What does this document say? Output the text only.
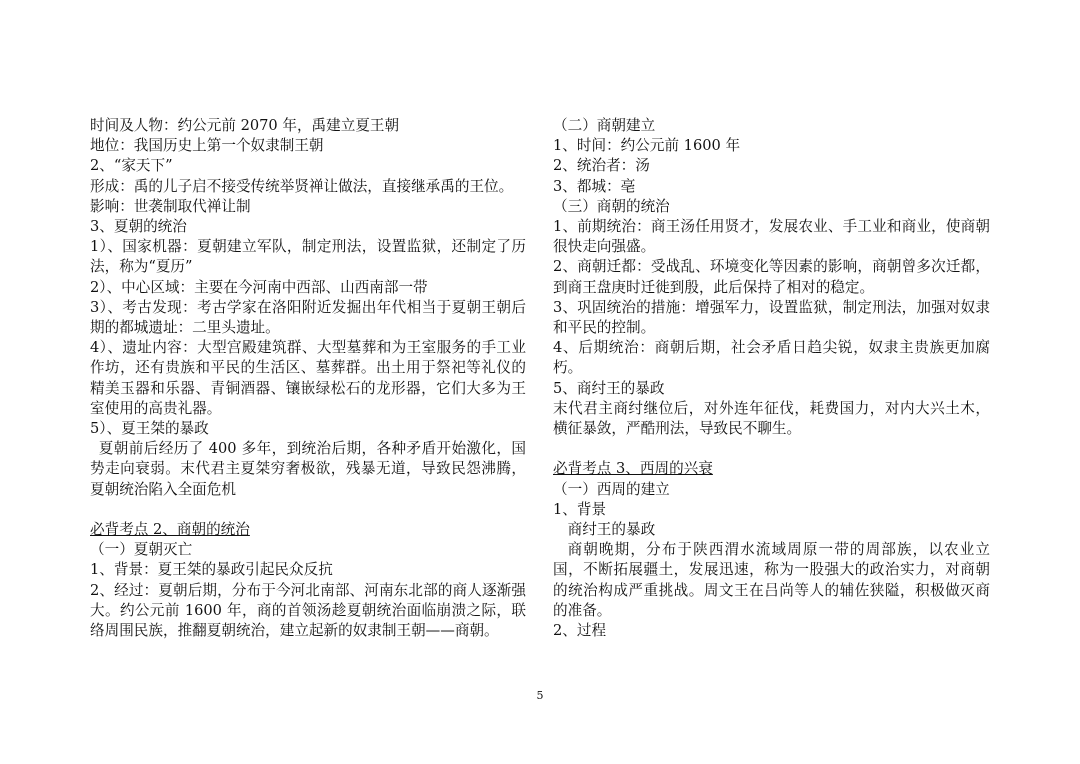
时间及人物：约公元前 2070 年，禹建立夏王朝
地位：我国历史上第一个奴隶制王朝
2、“家天下”
形成：禹的儿子启不接受传统举贤禅让做法，直接继承禹的王位。
影响：世袭制取代禅让制
3、夏朝的统治
1）、国家机器：夏朝建立军队，制定刑法，设置监狱，还制定了历法，称为“夏历”
2）、中心区域：主要在今河南中西部、山西南部一带
3）、考古发现：考古学家在洛阳附近发掘出年代相当于夏朝王朝后期的都城遗址：二里头遗址。
4）、遗址内容：大型宫殿建筑群、大型墓葬和为王室服务的手工业作坊，还有贵族和平民的生活区、墓葬群。出土用于祭祀等礼仪的精美玉器和乐器、青铜酒器、镶嵌绿松石的龙形器，它们大多为王室使用的高贵礼器。
5）、夏王桀的暴政
夏朝前后经历了 400 多年，到统治后期，各种矛盾开始激化，国势走向衰弱。末代君主夏桀穷奢极欲，残暴无道，导致民怨沸腾，夏朝统治陷入全面危机
必背考点 2、商朝的统治
（一）夏朝灭亡
1、背景：夏王桀的暴政引起民众反抗
2、经过：夏朝后期，分布于今河北南部、河南东北部的商人逐渐强大。约公元前 1600 年，商的首领汤趁夏朝统治面临崩溃之际，联络周围民族，推翻夏朝统治，建立起新的奴隶制王朝——商朝。
（二）商朝建立
1、时间：约公元前 1600 年
2、统治者：汤
3、都城：亳
（三）商朝的统治
1、前期统治：商王汤任用贤才，发展农业、手工业和商业，使商朝很快走向强盛。
2、商朝迁都：受战乱、环境变化等因素的影响，商朝曾多次迁都，到商王盘庚时迁徙到殷，此后保持了相对的稳定。
3、巩固统治的措施：增强军力，设置监狱，制定刑法，加强对奴隶和平民的控制。
4、后期统治：商朝后期，社会矛盾日趋尖锐，奴隶主贵族更加腐朽。
5、商纣王的暴政
末代君主商纣继位后，对外连年征伐，耗费国力，对内大兴土木，横征暴敛，严酷刑法，导致民不聊生。
必背考点 3、西周的兴衰
（一）西周的建立
1、背景
商纣王的暴政
商朝晚期，分布于陕西渭水流域周原一带的周部族，以农业立国，不断拓展疆土，发展迅速，称为一股强大的政治实力，对商朝的统治构成严重挑战。周文王在吕尚等人的辅佐狭隘，积极做灭商的准备。
2、过程
5
